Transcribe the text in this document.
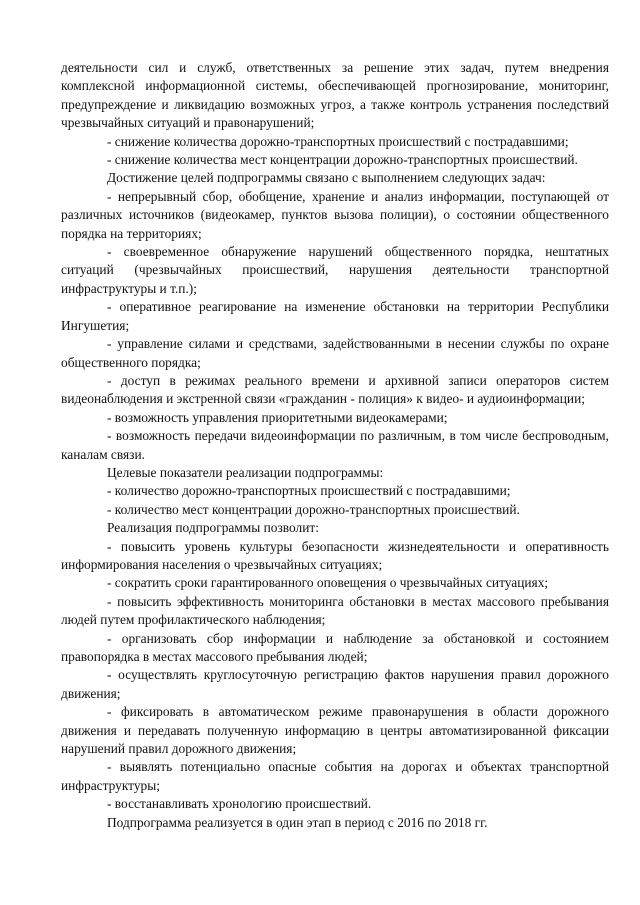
деятельности сил и служб, ответственных за решение этих задач, путем внедрения комплексной информационной системы, обеспечивающей прогнозирование, мониторинг, предупреждение и ликвидацию возможных угроз, а также контроль устранения последствий чрезвычайных ситуаций и правонарушений;

- снижение количества дорожно-транспортных происшествий с пострадавшими;

- снижение количества мест концентрации дорожно-транспортных происшествий.

Достижение целей подпрограммы связано с выполнением следующих задач:

- непрерывный сбор, обобщение, хранение и анализ информации, поступающей от различных источников (видеокамер, пунктов вызова полиции), о состоянии общественного порядка на территориях;

- своевременное обнаружение нарушений общественного порядка, нештатных ситуаций (чрезвычайных происшествий, нарушения деятельности транспортной инфраструктуры и т.п.);

- оперативное реагирование на изменение обстановки на территории Республики Ингушетия;

- управление силами и средствами, задействованными в несении службы по охране общественного порядка;

- доступ в режимах реального времени и архивной записи операторов систем видеонаблюдения и экстренной связи «гражданин - полиция» к видео- и аудиоинформации;

- возможность управления приоритетными видеокамерами;

- возможность передачи видеоинформации по различным, в том числе беспроводным, каналам связи.

Целевые показатели реализации подпрограммы:

- количество дорожно-транспортных происшествий с пострадавшими;

- количество мест концентрации дорожно-транспортных происшествий.

Реализация подпрограммы позволит:

- повысить уровень культуры безопасности жизнедеятельности и оперативность информирования населения о чрезвычайных ситуациях;

- сократить сроки гарантированного оповещения о чрезвычайных ситуациях;

- повысить эффективность мониторинга обстановки в местах массового пребывания людей путем профилактического наблюдения;

- организовать сбор информации и наблюдение за обстановкой и состоянием правопорядка в местах массового пребывания людей;

- осуществлять круглосуточную регистрацию фактов нарушения правил дорожного движения;

- фиксировать в автоматическом режиме правонарушения в области дорожного движения и передавать полученную информацию в центры автоматизированной фиксации нарушений правил дорожного движения;

- выявлять потенциально опасные события на дорогах и объектах транспортной инфраструктуры;

- восстанавливать хронологию происшествий.

Подпрограмма реализуется в один этап в период с 2016 по 2018 гг.
